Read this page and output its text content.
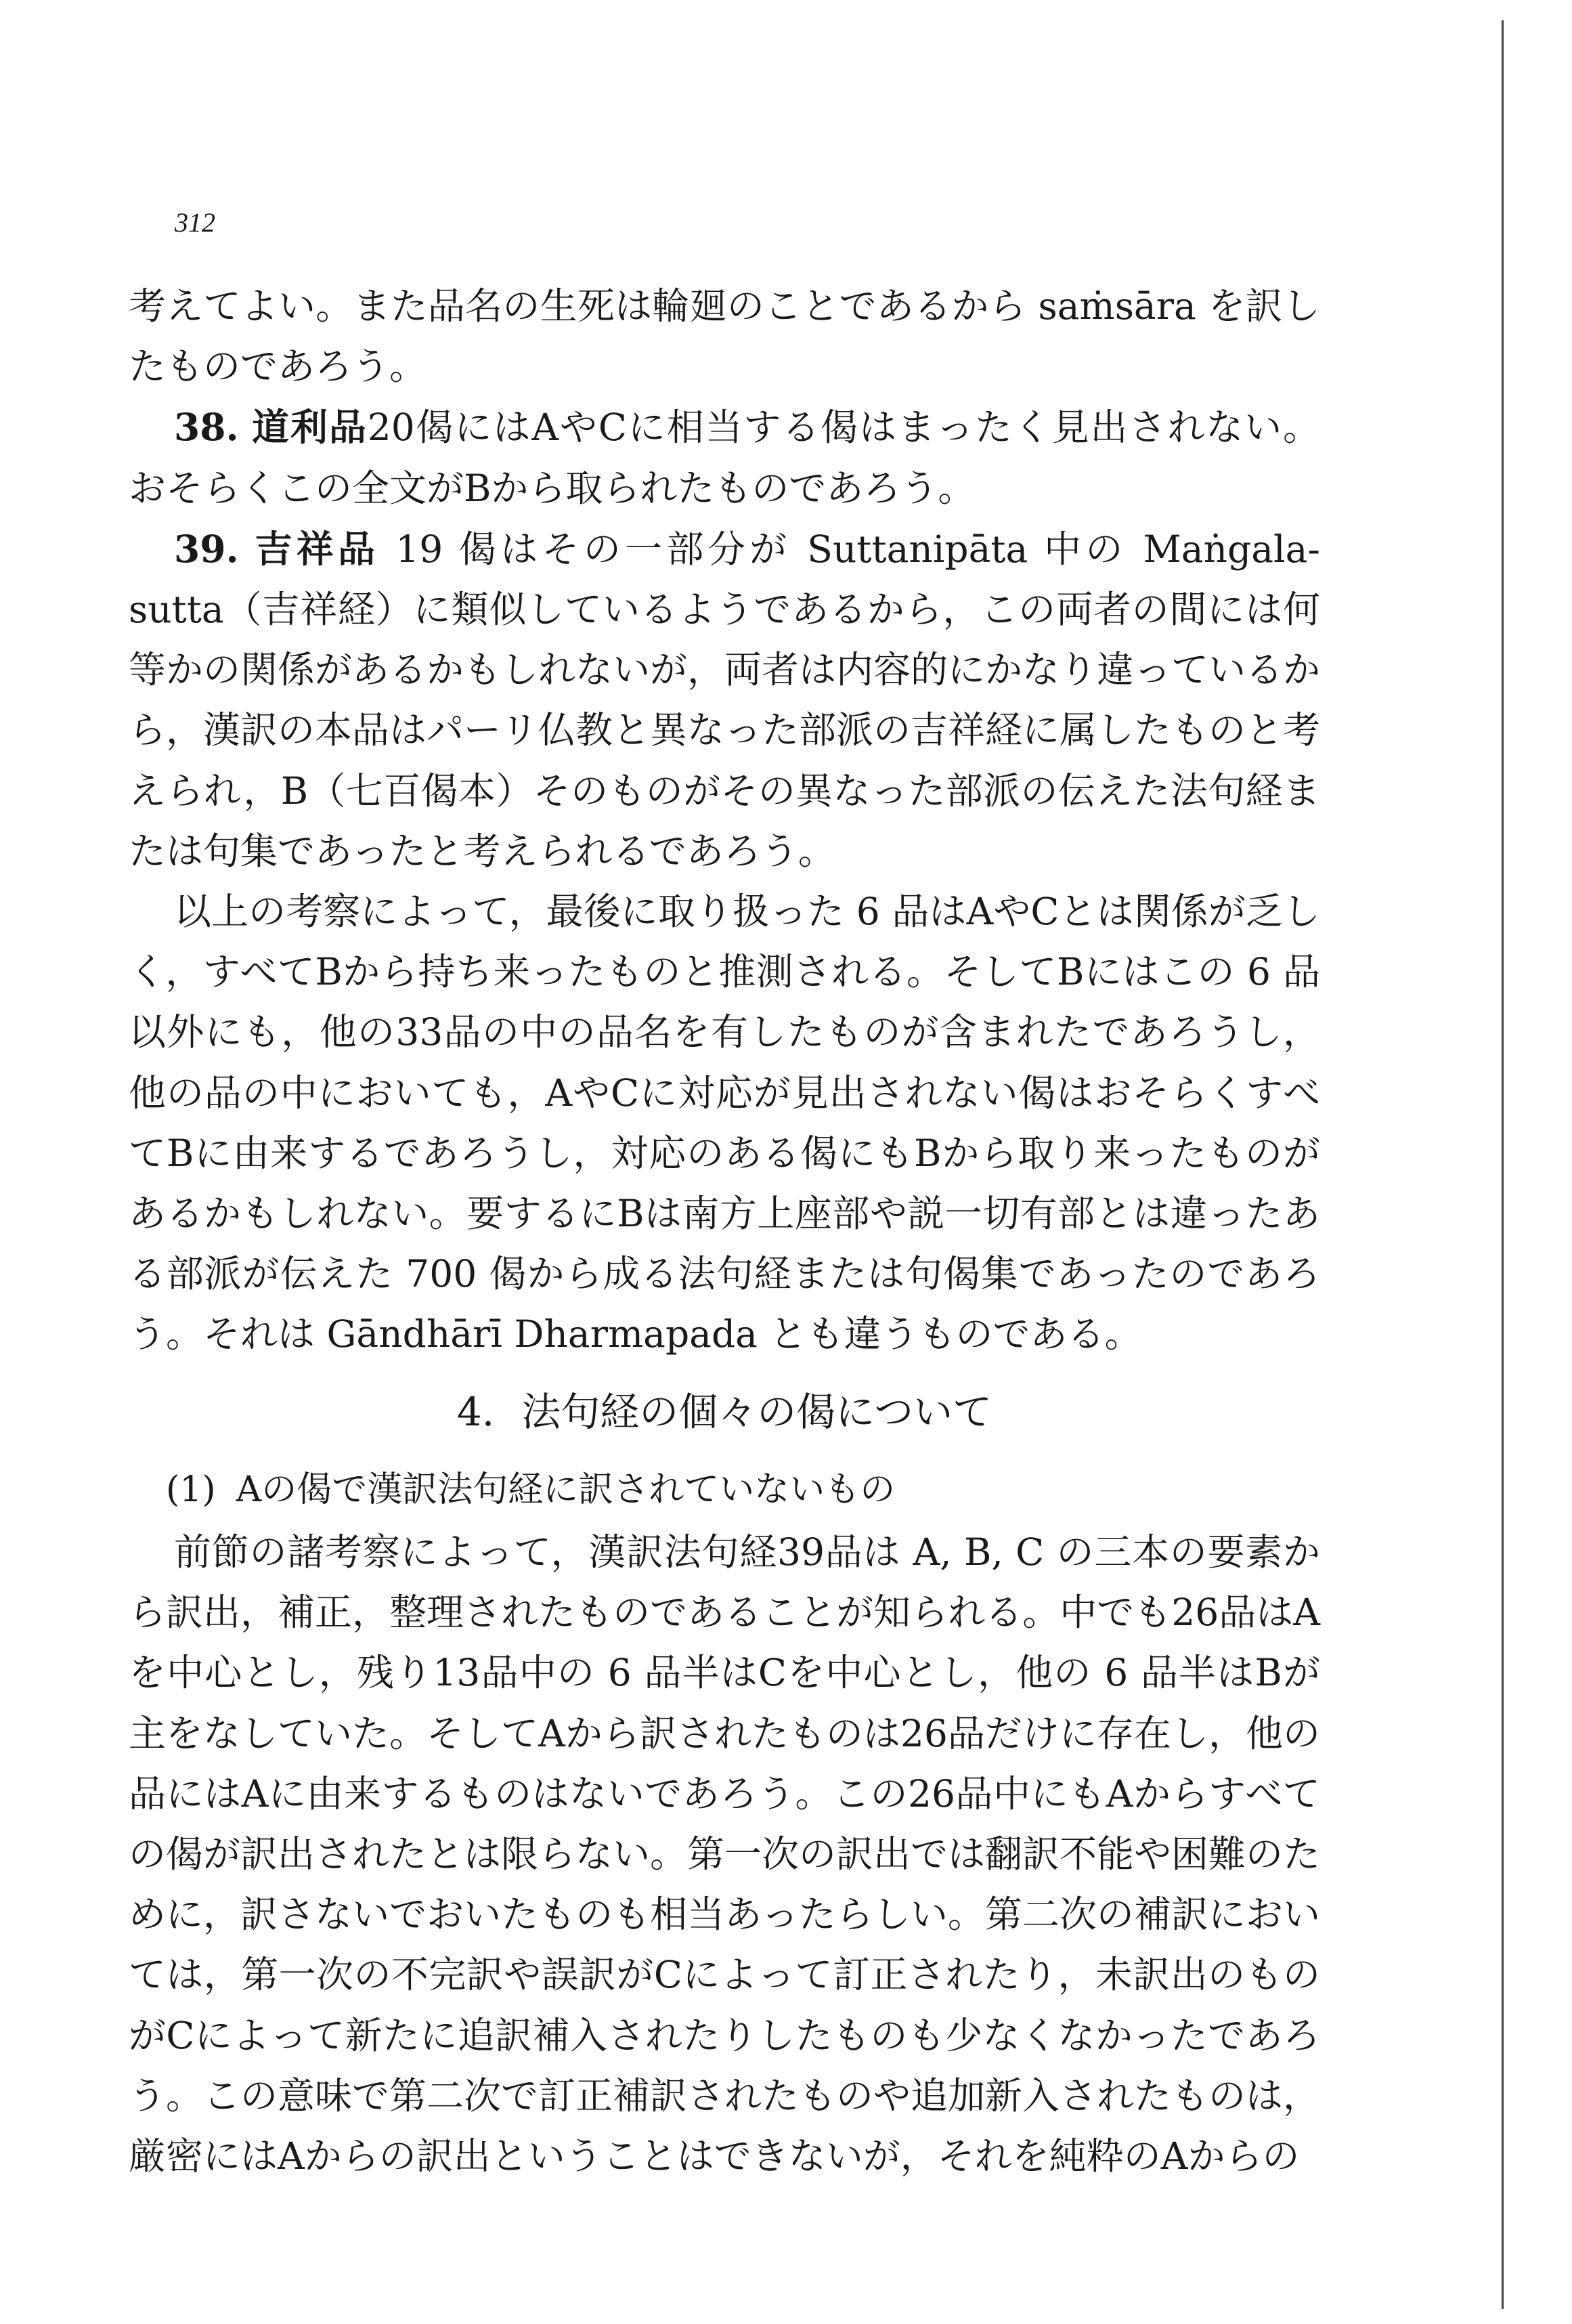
312

考えてよい。また品名の生死は輪廻のことであるから saṁsāra を訳したものであろう。

38. 道利品20偈にはAやCに相当する偈はまったく見出されない。おそらくこの全文がBから取られたものであろう。

39. 吉祥品 19 偈はその一部分が Suttanipāta 中の Maṅgala-sutta（吉祥経）に類似しているようであるから，この両者の間には何等かの関係があるかもしれないが，両者は内容的にかなり違っているから，漢訳の本品はパーリ仏教と異なった部派の吉祥経に属したものと考えられ，B（七百偈本）そのものがその異なった部派の伝えた法句経または句集であったと考えられるであろう。

以上の考察によって，最後に取り扱った 6 品はAやCとは関係が乏しく，すべてBから持ち来ったものと推測される。そしてBにはこの 6 品以外にも，他の33品の中の品名を有したものが含まれたであろうし，他の品の中においても，AやCに対応が見出されない偈はおそらくすべてBに由来するであろうし，対応のある偈にもBから取り来ったものがあるかもしれない。要するにBは南方上座部や説一切有部とは違ったある部派が伝えた 700 偈から成る法句経または句偈集であったのであろう。それは Gāndhārī Dharmapada とも違うものである。

4. 法句経の個々の偈について
(1) Aの偈で漢訳法句経に訳されていないもの

前節の諸考察によって，漢訳法句経39品は A, B, C の三本の要素から訳出，補正，整理されたものであることが知られる。中でも26品はAを中心とし，残り13品中の 6 品半はCを中心とし，他の 6 品半はBが主をなしていた。そしてAから訳されたものは26品だけに存在し，他の品にはAに由来するものはないであろう。この26品中にもAからすべての偈が訳出されたとは限らない。第一次の訳出では翻訳不能や困難のために，訳さないでおいたものも相当あったらしい。第二次の補訳においては，第一次の不完訳や誤訳がCによって訂正されたり，未訳出のものがCによって新たに追訳補入されたりしたものも少なくなかったであろう。この意味で第二次で訂正補訳されたものや追加新入されたものは，厳密にはAからの訳出ということはできないが，それを純粋のAからの
